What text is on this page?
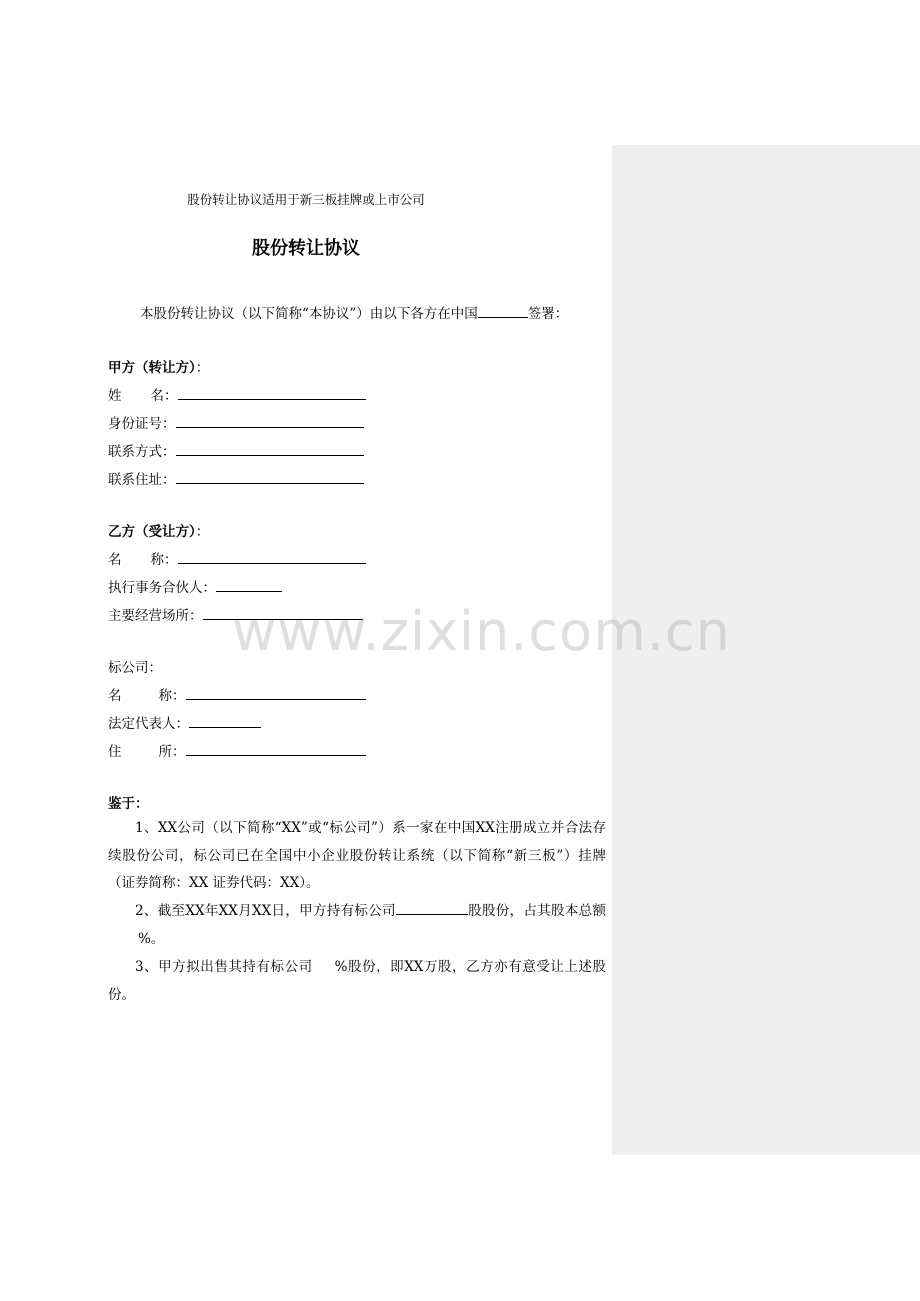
股份转让协议适用于新三板挂牌或上市公司
股份转让协议
本股份转让协议（以下简称“本协议”）由以下各方在中国	签署：
甲方（转让方）：
姓 名：
身份证号：
联系方式：
联系住址：
乙方（受让方）：
名 称：
执行事务合伙人：
主要经营场所：
标公司：
名	称：
法定代表人：
住	所：
鉴于：
1、XX公司（以下简称“XX”或“标公司”）系一家在中国XX注册成立并合法存续股份公司，标公司已在全国中小企业股份转让系统（以下简称“新三板”）挂牌（证券简称：XX 证券代码：XX）。
2、截至XX年XX月XX日，甲方持有标公司	股股份，占其股本总额%。
3、甲方拟出售其持有标公司 %股份，即XX万股，乙方亦有意受让上述股份。
www.zixin.com.cn
